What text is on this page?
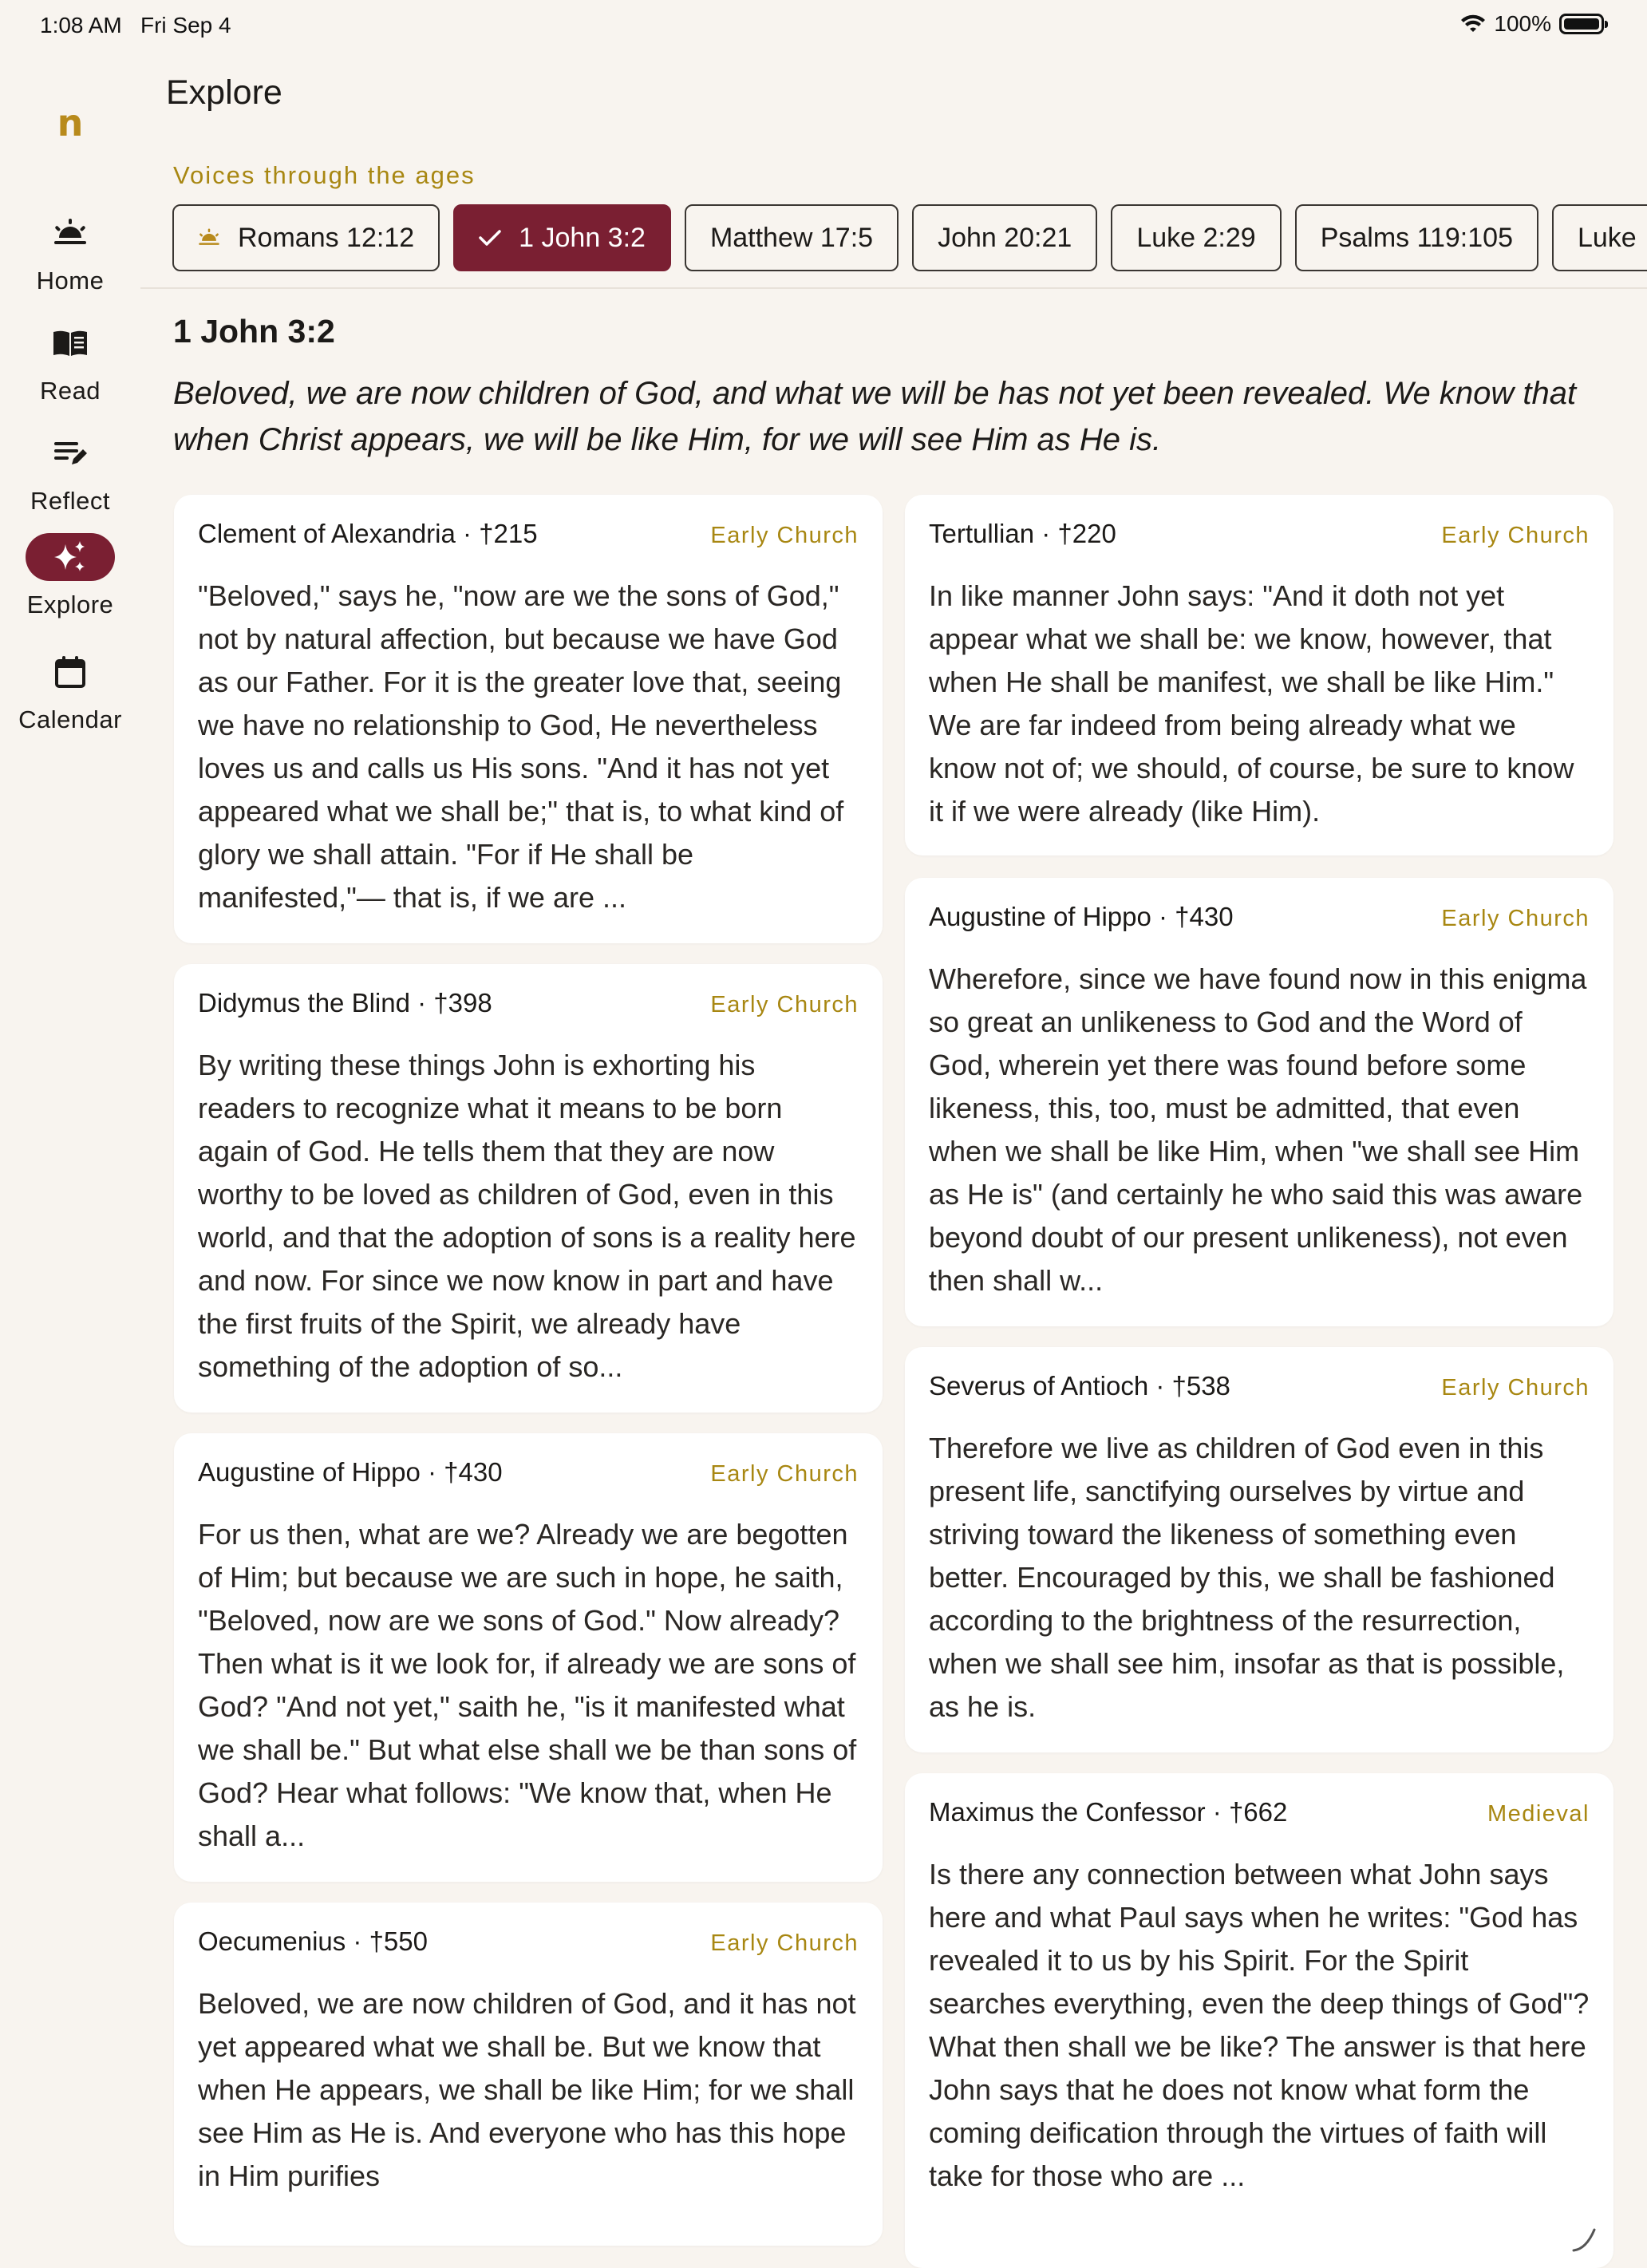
1:08 AM Fri Sep 4	100%
n
Home
Read
Reflect
Explore
Calendar
Explore
Voices through the ages
Romans 12:12	1 John 3:2 Matthew 17:5 John 20:21 Luke 2:29 Psalms 119:105 Luke
1 John 3:2
Beloved, we are now children of God, and what we will be has not yet been revealed. We know that when Christ appears, we will be like Him, for we will see Him as He is.
Clement of Alexandria · †215	Early Church
"Beloved," says he, "now are we the sons of God," not by natural affection, but because we have God as our Father. For it is the greater love that, seeing we have no relationship to God, He nevertheless loves us and calls us His sons. "And it has not yet appeared what we shall be;" that is, to what kind of glory we shall attain. "For if He shall be manifested,"— that is, if we are ...
Didymus the Blind · †398	Early Church
By writing these things John is exhorting his readers to recognize what it means to be born again of God. He tells them that they are now worthy to be loved as children of God, even in this world, and that the adoption of sons is a reality here and now. For since we now know in part and have the first fruits of the Spirit, we already have something of the adoption of so...
Augustine of Hippo · †430	Early Church
For us then, what are we? Already we are begotten of Him; but because we are such in hope, he saith, "Beloved, now are we sons of God." Now already? Then what is it we look for, if already we are sons of God? "And not yet," saith he, "is it manifested what we shall be." But what else shall we be than sons of God? Hear what follows: "We know that, when He shall a...
Oecumenius · †550	Early Church
Beloved, we are now children of God, and it has not yet appeared what we shall be. But we know that when He appears, we shall be like Him; for we shall see Him as He is. And everyone who has this hope in Him purifies
Tertullian · †220	Early Church
In like manner John says: "And it doth not yet appear what we shall be: we know, however, that when He shall be manifest, we shall be like Him." We are far indeed from being already what we know not of; we should, of course, be sure to know it if we were already (like Him).
Augustine of Hippo · †430	Early Church
Wherefore, since we have found now in this enigma so great an unlikeness to God and the Word of God, wherein yet there was found before some likeness, this, too, must be admitted, that even when we shall be like Him, when "we shall see Him as He is" (and certainly he who said this was aware beyond doubt of our present unlikeness), not even then shall w...
Severus of Antioch · †538	Early Church
Therefore we live as children of God even in this present life, sanctifying ourselves by virtue and striving toward the likeness of something even better. Encouraged by this, we shall be fashioned according to the brightness of the resurrection, when we shall see him, insofar as that is possible, as he is.
Maximus the Confessor · †662	Medieval
Is there any connection between what John says here and what Paul says when he writes: "God has revealed it to us by his Spirit. For the Spirit searches everything, even the deep things of God"? What then shall we be like? The answer is that here John says that he does not know what form the coming deification through the virtues of faith will take for those who are ...
